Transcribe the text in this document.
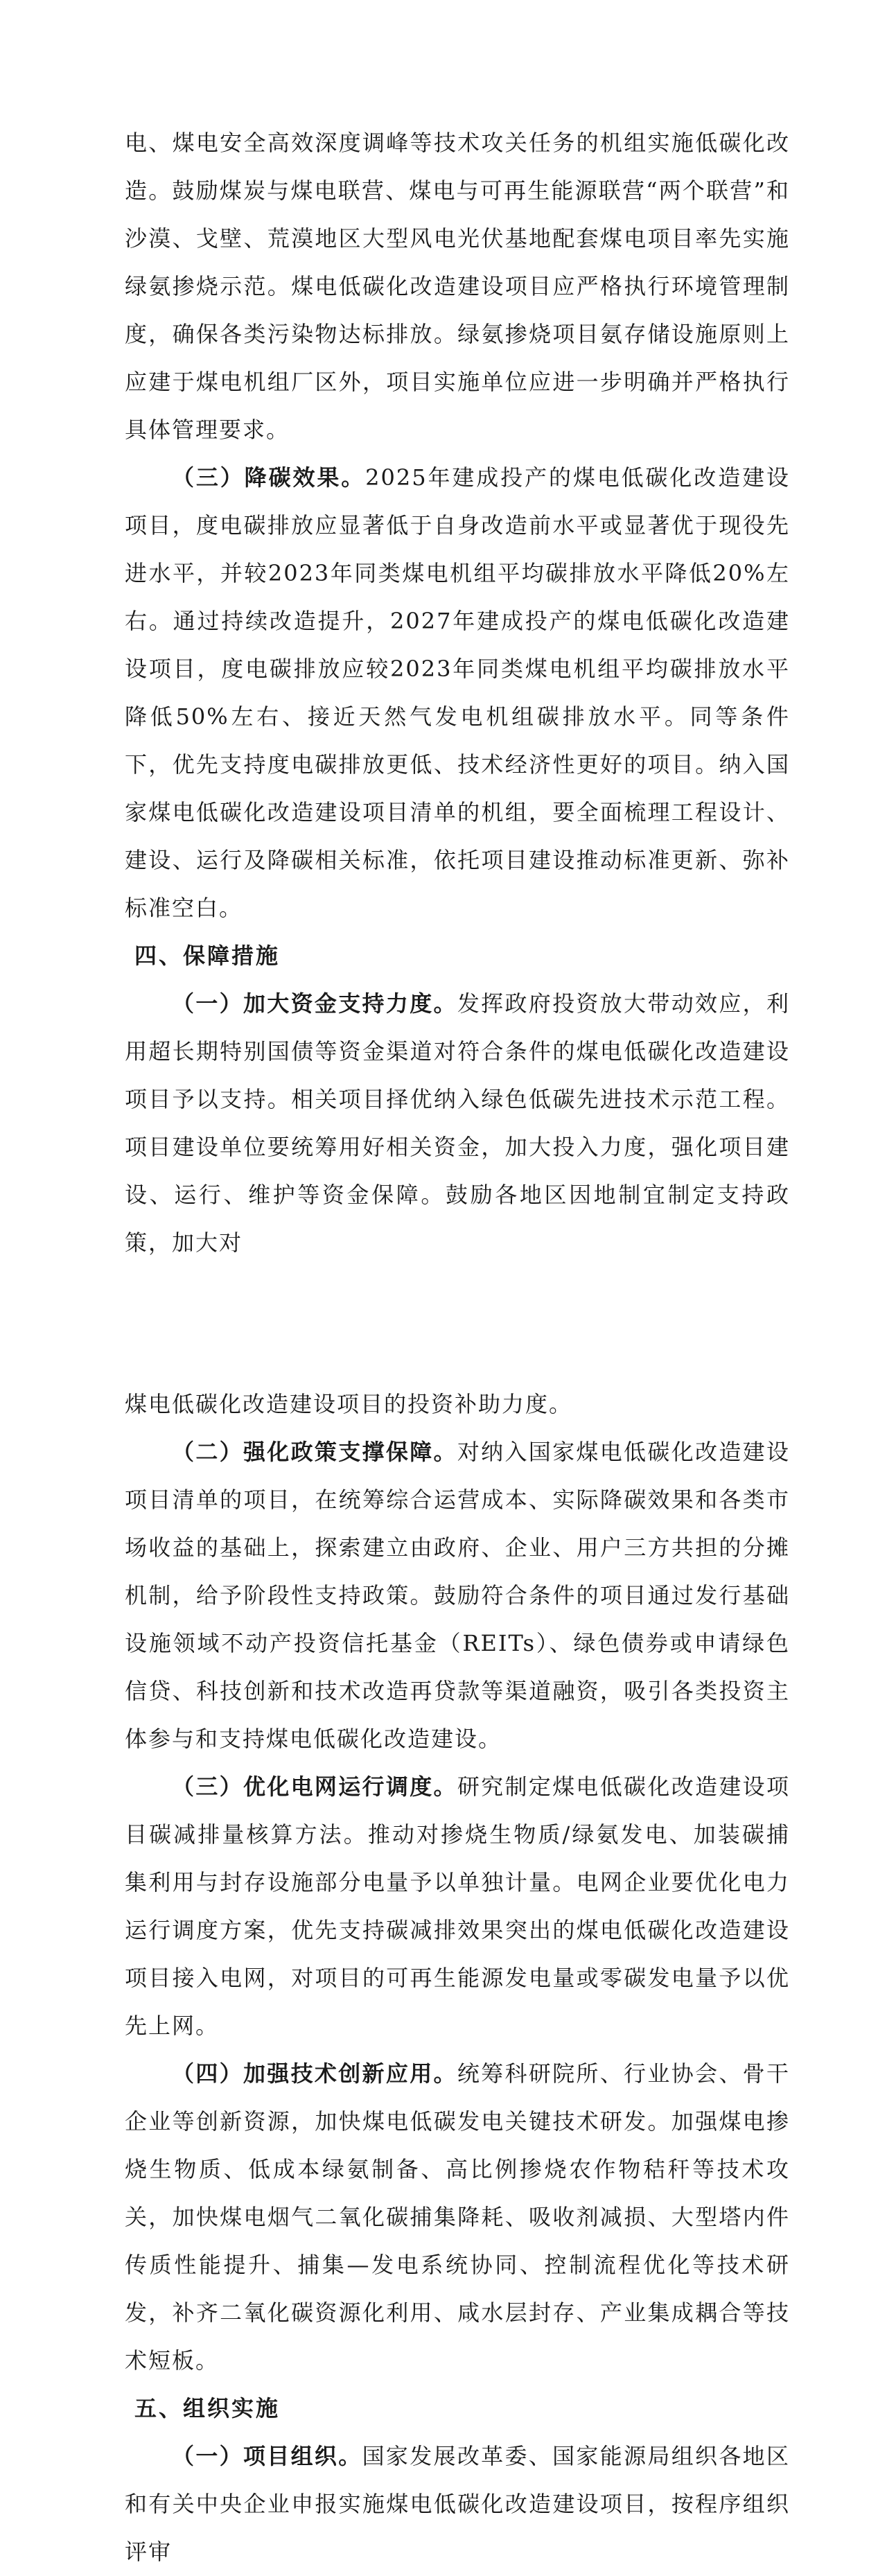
电、煤电安全高效深度调峰等技术攻关任务的机组实施低碳化改造。鼓励煤炭与煤电联营、煤电与可再生能源联营“两个联营”和沙漠、戈壁、荒漠地区大型风电光伏基地配套煤电项目率先实施绿氨掺烧示范。煤电低碳化改造建设项目应严格执行环境管理制度，确保各类污染物达标排放。绿氨掺烧项目氨存储设施原则上应建于煤电机组厂区外，项目实施单位应进一步明确并严格执行具体管理要求。

（三）降碳效果。2025年建成投产的煤电低碳化改造建设项目，度电碳排放应显著低于自身改造前水平或显著优于现役先进水平，并较2023年同类煤电机组平均碳排放水平降低20%左右。通过持续改造提升，2027年建成投产的煤电低碳化改造建设项目，度电碳排放应较2023年同类煤电机组平均碳排放水平降低50%左右、接近天然气发电机组碳排放水平。同等条件下，优先支持度电碳排放更低、技术经济性更好的项目。纳入国家煤电低碳化改造建设项目清单的机组，要全面梳理工程设计、建设、运行及降碳相关标准，依托项目建设推动标准更新、弥补标准空白。

四、保障措施

（一）加大资金支持力度。发挥政府投资放大带动效应，利用超长期特别国债等资金渠道对符合条件的煤电低碳化改造建设项目予以支持。相关项目择优纳入绿色低碳先进技术示范工程。项目建设单位要统筹用好相关资金，加大投入力度，强化项目建设、运行、维护等资金保障。鼓励各地区因地制宜制定支持政策，加大对

煤电低碳化改造建设项目的投资补助力度。

（二）强化政策支撑保障。对纳入国家煤电低碳化改造建设项目清单的项目，在统筹综合运营成本、实际降碳效果和各类市场收益的基础上，探索建立由政府、企业、用户三方共担的分摊机制，给予阶段性支持政策。鼓励符合条件的项目通过发行基础设施领域不动产投资信托基金（REITs）、绿色债券或申请绿色信贷、科技创新和技术改造再贷款等渠道融资，吸引各类投资主体参与和支持煤电低碳化改造建设。

（三）优化电网运行调度。研究制定煤电低碳化改造建设项目碳减排量核算方法。推动对掺烧生物质/绿氨发电、加装碳捕集利用与封存设施部分电量予以单独计量。电网企业要优化电力运行调度方案，优先支持碳减排效果突出的煤电低碳化改造建设项目接入电网，对项目的可再生能源发电量或零碳发电量予以优先上网。

（四）加强技术创新应用。统筹科研院所、行业协会、骨干企业等创新资源，加快煤电低碳发电关键技术研发。加强煤电掺烧生物质、低成本绿氨制备、高比例掺烧农作物秸秆等技术攻关，加快煤电烟气二氧化碳捕集降耗、吸收剂减损、大型塔内件传质性能提升、捕集—发电系统协同、控制流程优化等技术研发，补齐二氧化碳资源化利用、咸水层封存、产业集成耦合等技术短板。

五、组织实施

（一）项目组织。国家发展改革委、国家能源局组织各地区和有关中央企业申报实施煤电低碳化改造建设项目，按程序组织评审
